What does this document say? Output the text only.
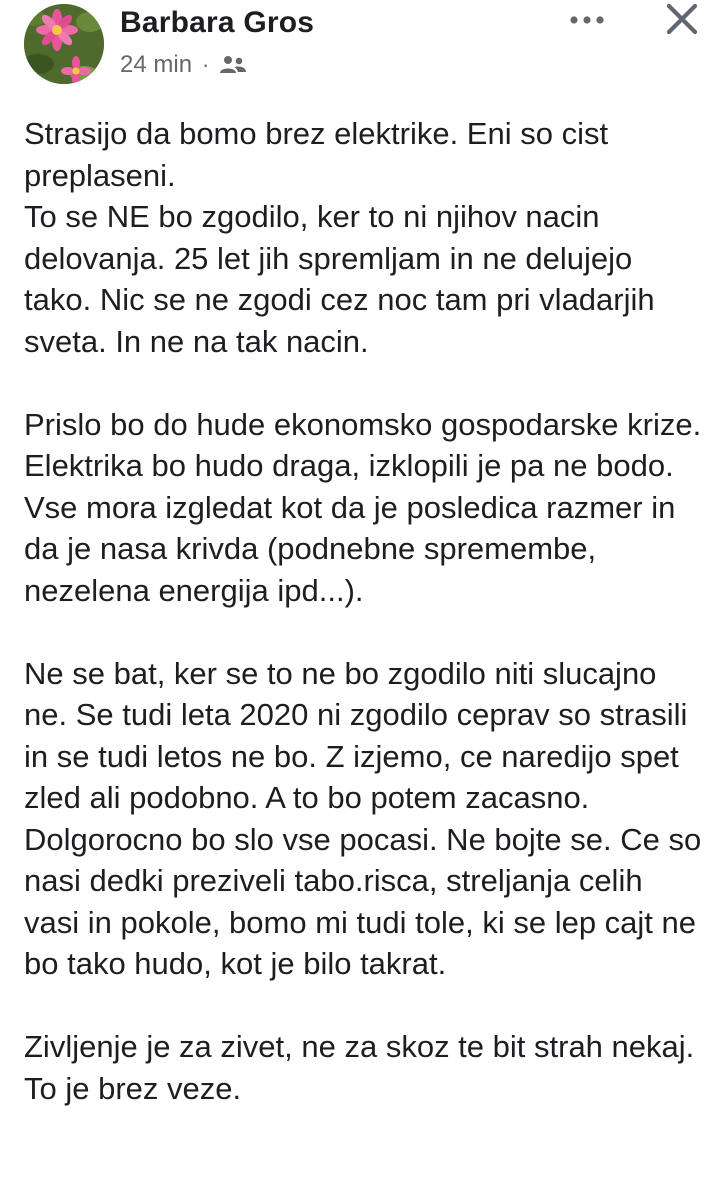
Barbara Gros
24 min ·

Strasijo da bomo brez elektrike. Eni so cist preplaseni.
To se NE bo zgodilo, ker to ni njihov nacin delovanja. 25 let jih spremljam in ne delujejo tako. Nic se ne zgodi cez noc tam pri vladarjih sveta. In ne na tak nacin.

Prislo bo do hude ekonomsko gospodarske krize. Elektrika bo hudo draga, izklopili je pa ne bodo. Vse mora izgledat kot da je posledica razmer in da je nasa krivda (podnebne spremembe, nezelena energija ipd...).

Ne se bat, ker se to ne bo zgodilo niti slucajno ne. Se tudi leta 2020 ni zgodilo ceprav so strasili in se tudi letos ne bo. Z izjemo, ce naredijo spet zled ali podobno. A to bo potem zacasno. Dolgorocno bo slo vse pocasi. Ne bojte se. Ce so nasi dedki preziveli tabo.risca, streljanja celih vasi in pokole, bomo mi tudi tole, ki se lep cajt ne bo tako hudo, kot je bilo takrat.

Zivljenje je za zivet, ne za skoz te bit strah nekaj. To je brez veze.
